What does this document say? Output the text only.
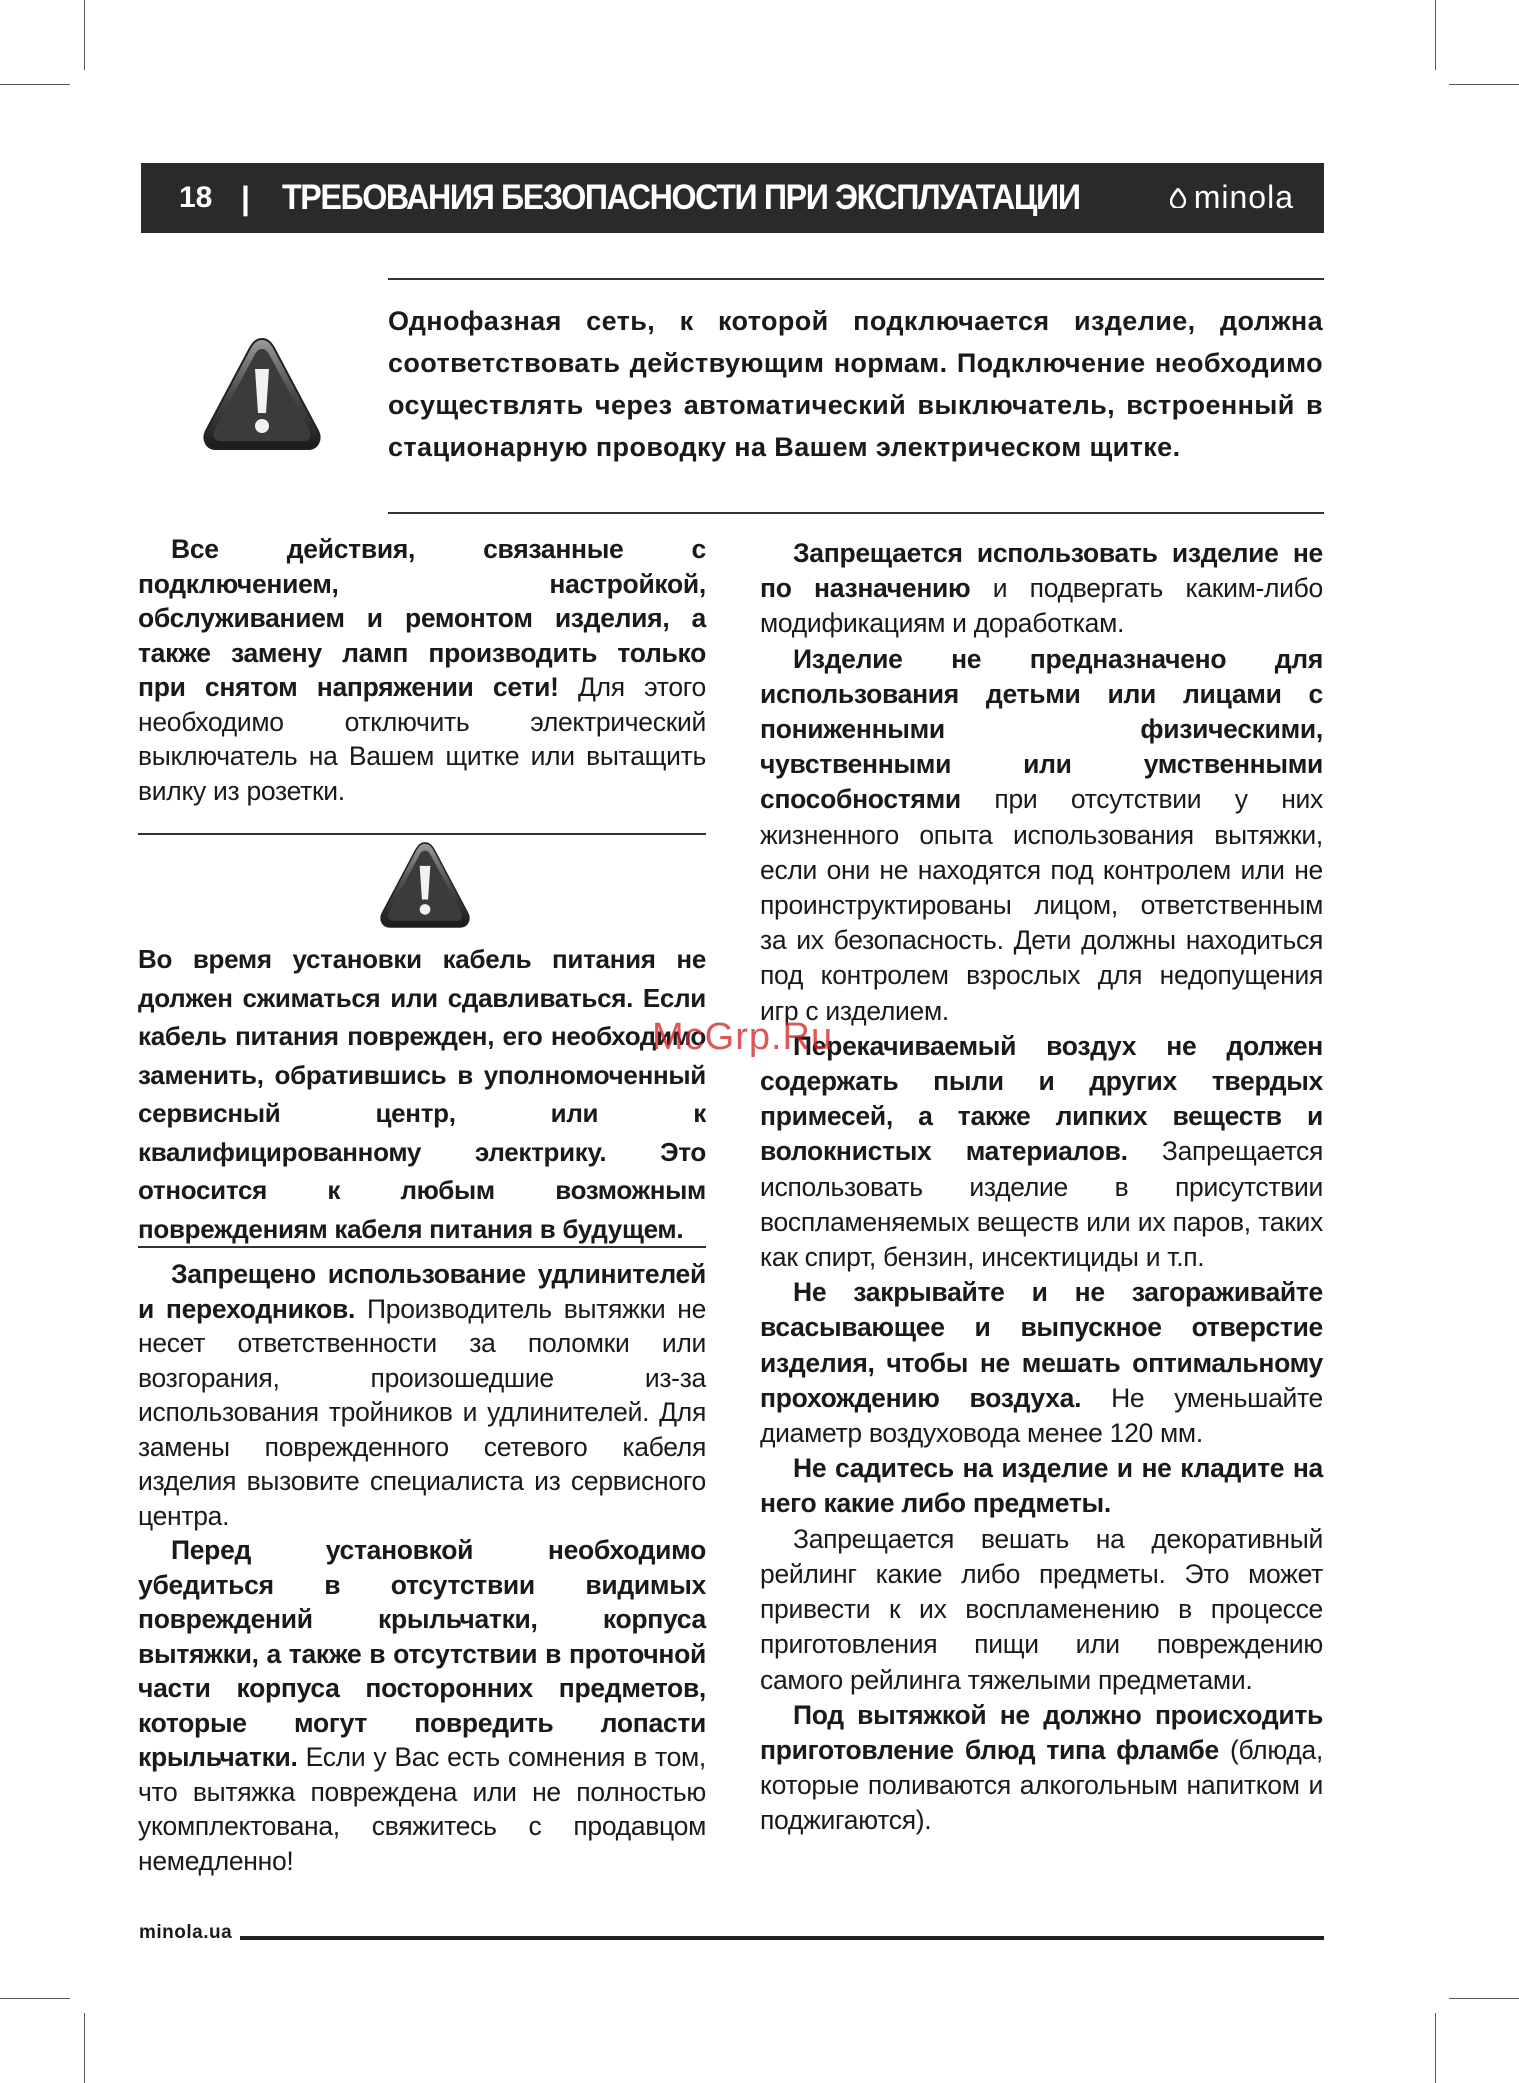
18 | ТРЕБОВАНИЯ БЕЗОПАСНОСТИ ПРИ ЭКСПЛУАТАЦИИ	minola
Однофазная сеть, к которой подключается изделие, должна соответствовать действующим нормам. Подключение необходимо осуществлять через автоматический выключатель, встроенный в стационарную проводку на Вашем электрическом щитке.

Все действия, связанные с подключением, настройкой, обслуживанием и ремонтом изделия, а также замену ламп производить только при снятом напряжении сети! Для этого необходимо отключить электрический выключатель на Вашем щитке или вытащить вилку из розетки.

Во время установки кабель питания не должен сжиматься или сдавливаться. Если кабель питания поврежден, его необходимо заменить, обратившись в уполномоченный сервисный центр, или к квалифицированному электрику. Это относится к любым возможным повреждениям кабеля питания в будущем.

Запрещено использование удлинителей и переходников. Производитель вытяжки не несет ответственности за поломки или возгорания, произошедшие из-за использования тройников и удлинителей. Для замены поврежденного сетевого кабеля изделия вызовите специалиста из сервисного центра.

Перед установкой необходимо убедиться в отсутствии видимых повреждений крыльчатки, корпуса вытяжки, а также в отсутствии в проточной части корпуса посторонних предметов, которые могут повредить лопасти крыльчатки. Если у Вас есть сомнения в том, что вытяжка повреждена или не полностью укомплектована, свяжитесь с продавцом немедленно!

Запрещается использовать изделие не по назначению и подвергать каким-либо модификациям и доработкам.

Изделие не предназначено для использования детьми или лицами с пониженными физическими, чувственными или умственными способностями при отсутствии у них жизненного опыта использования вытяжки, если они не находятся под контролем или не проинструктированы лицом, ответственным за их безопасность. Дети должны находиться под контролем взрослых для недопущения игр с изделием.

Перекачиваемый воздух не должен содержать пыли и других твердых примесей, а также липких веществ и волокнистых материалов. Запрещается использовать изделие в присутствии воспламеняемых веществ или их паров, таких как спирт, бензин, инсектициды и т.п.

Не закрывайте и не загораживайте всасывающее и выпускное отверстие изделия, чтобы не мешать оптимальному прохождению воздуха. Не уменьшайте диаметр воздуховода менее 120 мм.

Не садитесь на изделие и не кладите на него какие либо предметы.

Запрещается вешать на декоративный рейлинг какие либо предметы. Это может привести к их воспламенению в процессе приготовления пищи или повреждению самого рейлинга тяжелыми предметами.

Под вытяжкой не должно происходить приготовление блюд типа фламбе (блюда, которые поливаются алкогольным напитком и поджигаются).

McGrp.Ru
minola.ua
